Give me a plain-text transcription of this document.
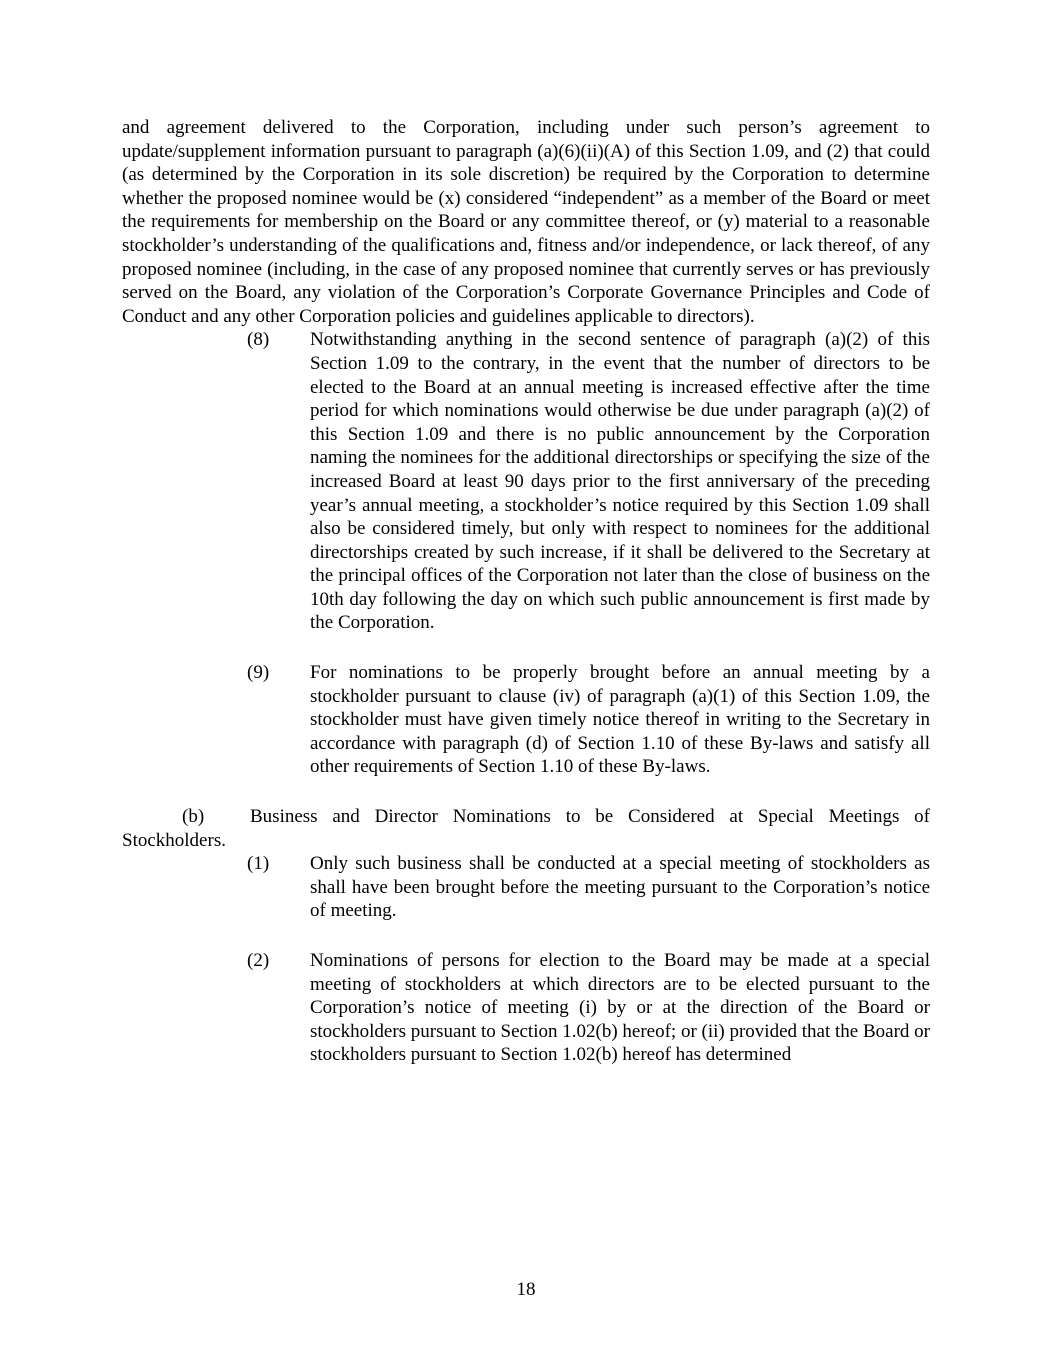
and agreement delivered to the Corporation, including under such person’s agreement to update/supplement information pursuant to paragraph (a)(6)(ii)(A) of this Section 1.09, and (2) that could (as determined by the Corporation in its sole discretion) be required by the Corporation to determine whether the proposed nominee would be (x) considered “independent” as a member of the Board or meet the requirements for membership on the Board or any committee thereof, or (y) material to a reasonable stockholder’s understanding of the qualifications and, fitness and/or independence, or lack thereof, of any proposed nominee (including, in the case of any proposed nominee that currently serves or has previously served on the Board, any violation of the Corporation’s Corporate Governance Principles and Code of Conduct and any other Corporation policies and guidelines applicable to directors).

(8)	Notwithstanding anything in the second sentence of paragraph (a)(2) of this Section 1.09 to the contrary, in the event that the number of directors to be elected to the Board at an annual meeting is increased effective after the time period for which nominations would otherwise be due under paragraph (a)(2) of this Section 1.09 and there is no public announcement by the Corporation naming the nominees for the additional directorships or specifying the size of the increased Board at least 90 days prior to the first anniversary of the preceding year’s annual meeting, a stockholder’s notice required by this Section 1.09 shall also be considered timely, but only with respect to nominees for the additional directorships created by such increase, if it shall be delivered to the Secretary at the principal offices of the Corporation not later than the close of business on the 10th day following the day on which such public announcement is first made by the Corporation.

(9)	For nominations to be properly brought before an annual meeting by a stockholder pursuant to clause (iv) of paragraph (a)(1) of this Section 1.09, the stockholder must have given timely notice thereof in writing to the Secretary in accordance with paragraph (d) of Section 1.10 of these By-laws and satisfy all other requirements of Section 1.10 of these By-laws.

(b) Business and Director Nominations to be Considered at Special Meetings of Stockholders.

(1)	Only such business shall be conducted at a special meeting of stockholders as shall have been brought before the meeting pursuant to the Corporation’s notice of meeting.

(2)	Nominations of persons for election to the Board may be made at a special meeting of stockholders at which directors are to be elected pursuant to the Corporation’s notice of meeting (i) by or at the direction of the Board or stockholders pursuant to Section 1.02(b) hereof; or (ii) provided that the Board or stockholders pursuant to Section 1.02(b) hereof has determined

18
